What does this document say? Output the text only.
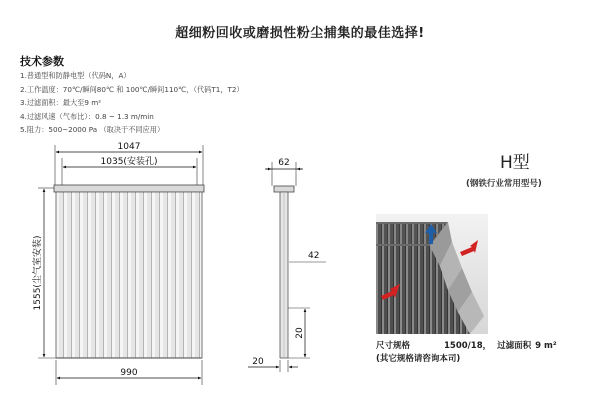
超细粉回收或磨损性粉尘捕集的最佳选择!
技术参数
1.普通型和防静电型（代码N，A）
2.工作温度：70℃/瞬间80℃ 和 100℃/瞬间110℃，（代码T1，T2）
3.过滤面积：最大至9 m²
4.过滤风速（气布比）：0.8 ~ 1.3 m/min
5.阻力：500~2000 Pa （取决于不同应用）
1047
1035(安装孔)
1555(尘气室安装)
990
62
42
20
20
H型
(钢铁行业常用型号)
尺寸规格	1500/18， 过滤面积 9 m²
(其它规格请咨询本司)
